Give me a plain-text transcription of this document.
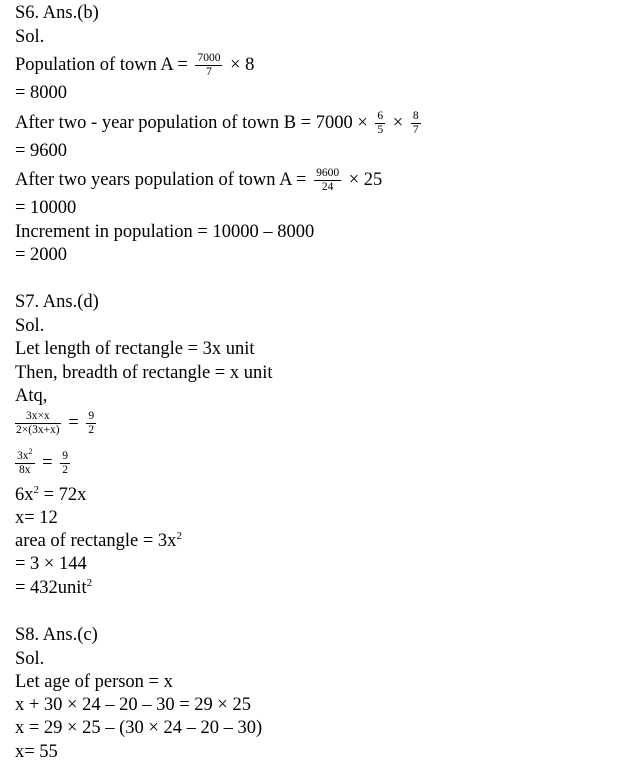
S6. Ans.(b)
Sol.
Population of town $A = \frac{7000}{7} \times 8$
= 8000
After two - year population of town $B = 7000 \times \frac{6}{5} \times \frac{8}{7}$
= 9600
After two years population of town $A = \frac{9600}{24} \times 25$
= 10000
Increment in population = 10000 – 8000
= 2000
S7. Ans.(d)
Sol.
Let length of rectangle = 3x unit
Then, breadth of rectangle = x unit
Atq,
$\frac{3x\times x}{2\times(3x+x)} = \frac{9}{2}$
$\frac{3x^2}{8x} = \frac{9}{2}$
$6x^2 = 72x$
x= 12
area of rectangle = $3x^2$
= 3 × 144
= 432unit$^2$
S8. Ans.(c)
Sol.
Let age of person = x
x + 30 × 24 – 20 – 30 = 29 × 25
x = 29 × 25 – (30 × 24 – 20 – 30)
x= 55
